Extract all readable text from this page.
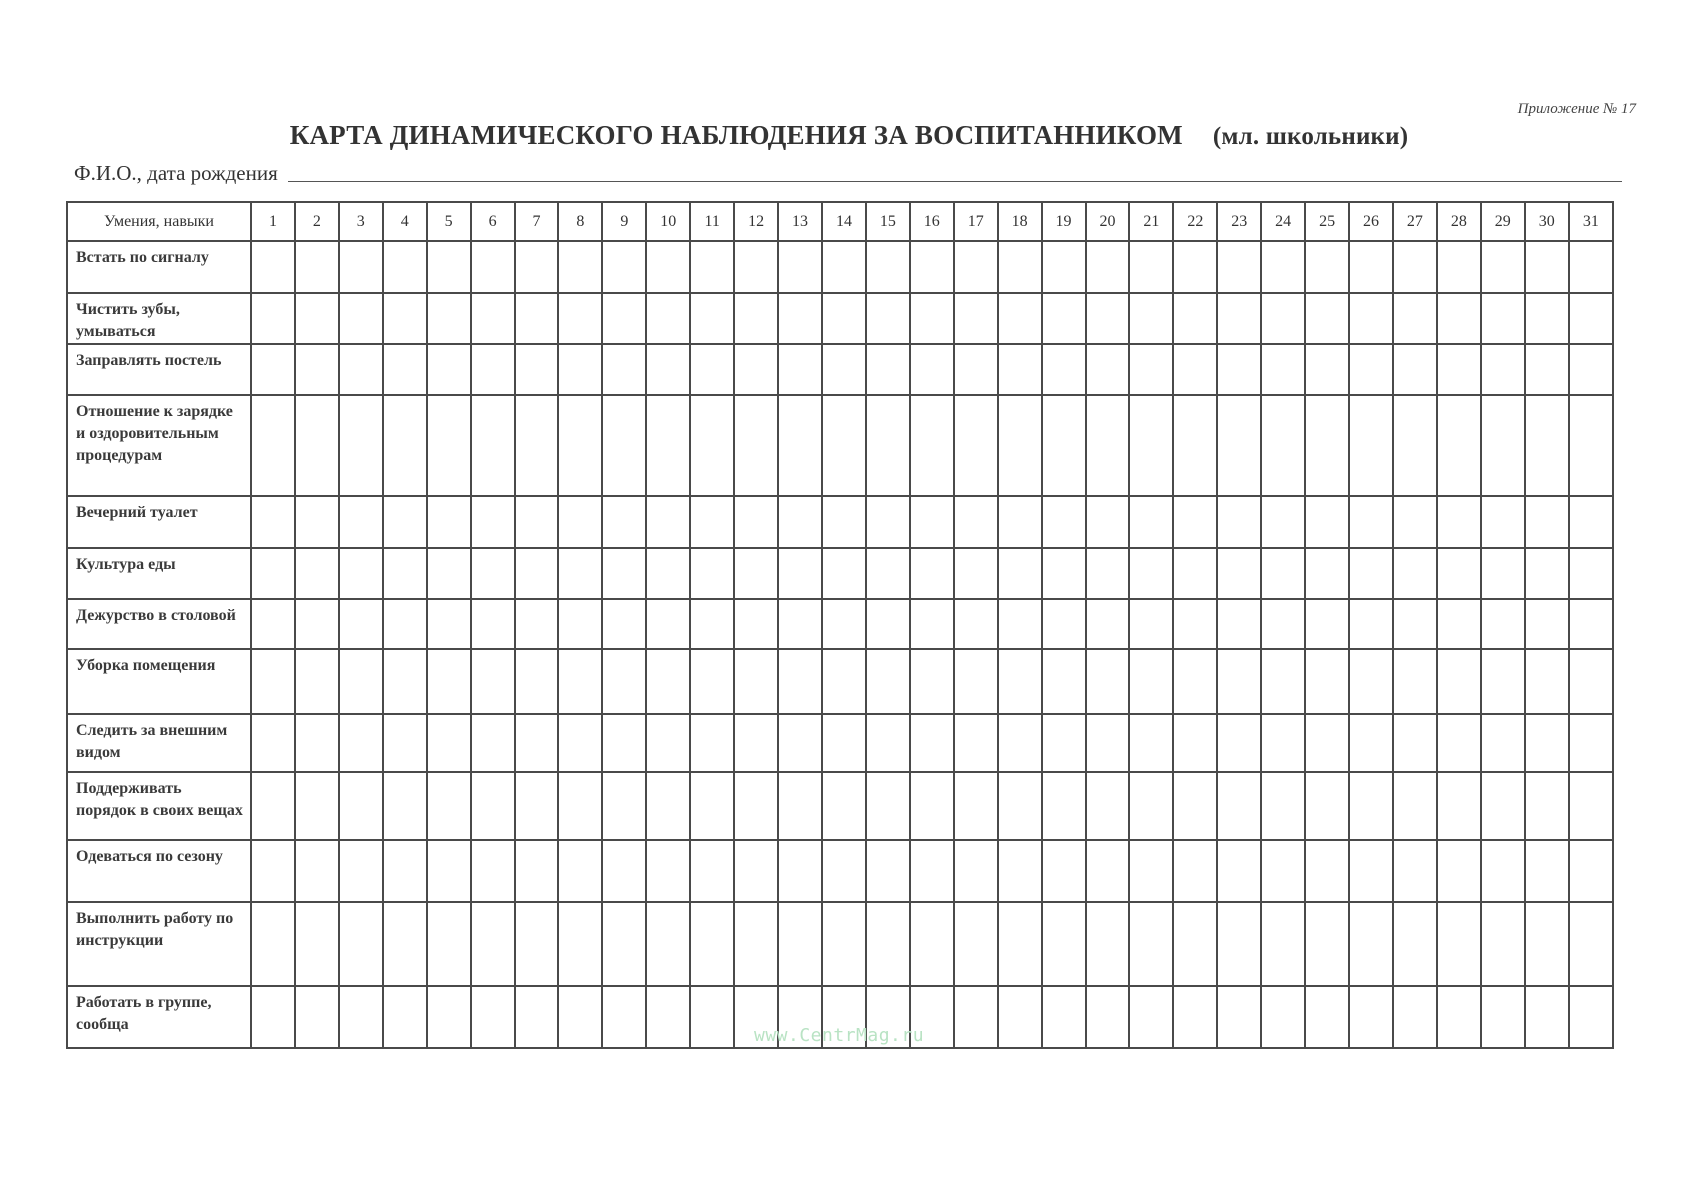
Приложение № 17
КАРТА ДИНАМИЧЕСКОГО НАБЛЮДЕНИЯ ЗА ВОСПИТАННИКОМ (мл. школьники)
Ф.И.О., дата рождения
Умения, навыки	1	2	3	4	5	6	7	8	9	10	11	12	13	14	15	16	17	18	19	20	21	22	23	24	25	26	27	28	29	30	31
Встать по сигналу																															
Чистить зубы, умываться																															
Заправлять постель																															
Отношение к зарядке и оздоровительным процедурам																															
Вечерний туалет																															
Культура еды																															
Дежурство в столовой																															
Уборка помещения																															
Следить за внешним видом																															
Поддерживать порядок в своих вещах																															
Одеваться по сезону																															
Выполнить работу по инструкции																															
Работать в группе, сообща																															
www.CentrMag.ru
